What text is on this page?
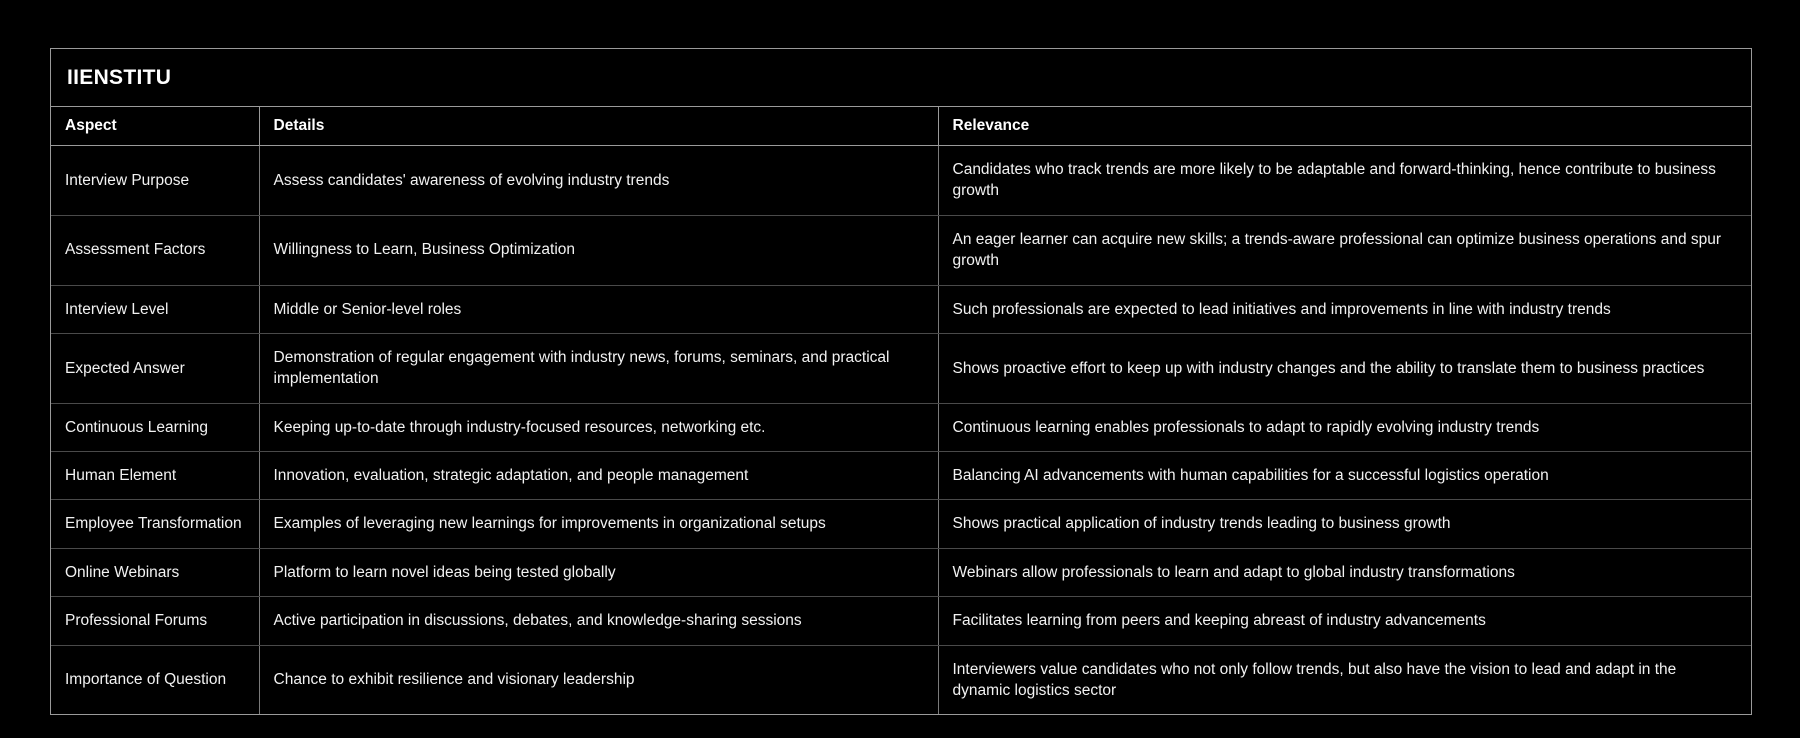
IIENSTITU
Aspect	Details	Relevance
Interview Purpose	Assess candidates' awareness of evolving industry trends	Candidates who track trends are more likely to be adaptable and forward-thinking, hence contribute to business growth
Assessment Factors	Willingness to Learn, Business Optimization	An eager learner can acquire new skills; a trends-aware professional can optimize business operations and spur growth
Interview Level	Middle or Senior-level roles	Such professionals are expected to lead initiatives and improvements in line with industry trends
Expected Answer	Demonstration of regular engagement with industry news, forums, seminars, and practical implementation	Shows proactive effort to keep up with industry changes and the ability to translate them to business practices
Continuous Learning	Keeping up-to-date through industry-focused resources, networking etc.	Continuous learning enables professionals to adapt to rapidly evolving industry trends
Human Element	Innovation, evaluation, strategic adaptation, and people management	Balancing AI advancements with human capabilities for a successful logistics operation
Employee Transformation	Examples of leveraging new learnings for improvements in organizational setups	Shows practical application of industry trends leading to business growth
Online Webinars	Platform to learn novel ideas being tested globally	Webinars allow professionals to learn and adapt to global industry transformations
Professional Forums	Active participation in discussions, debates, and knowledge-sharing sessions	Facilitates learning from peers and keeping abreast of industry advancements
Importance of Question	Chance to exhibit resilience and visionary leadership	Interviewers value candidates who not only follow trends, but also have the vision to lead and adapt in the dynamic logistics sector
